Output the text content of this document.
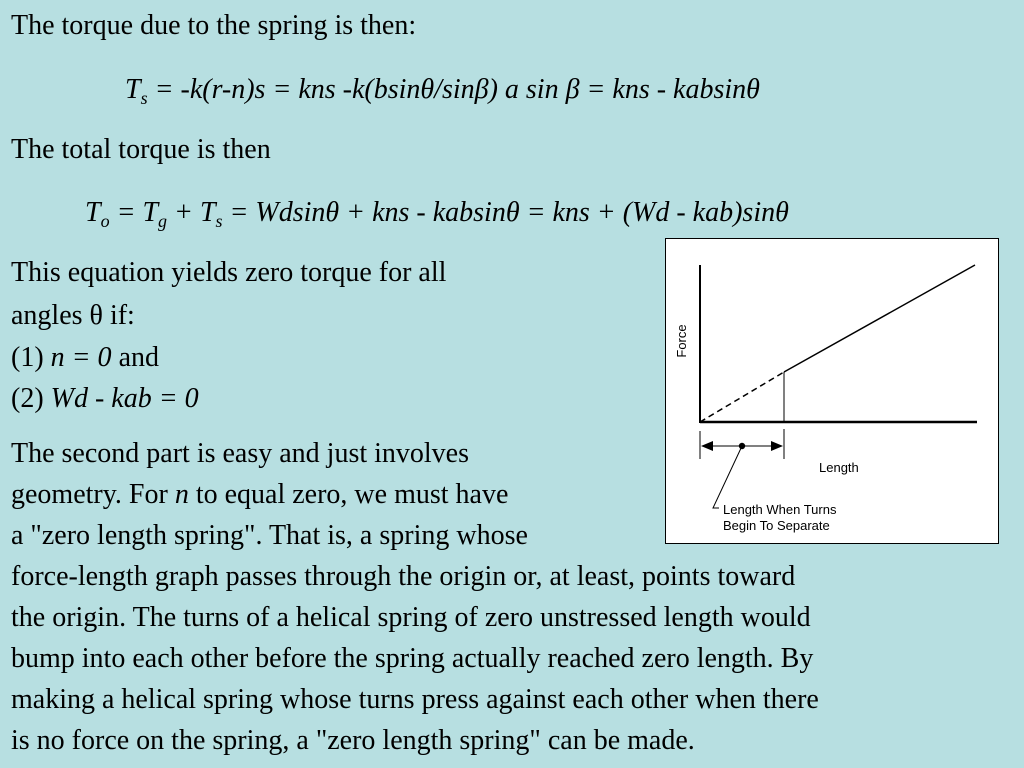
The torque due to the spring is then:
$T_s = -k(r-n)s$ = kns -k(bsinθ/sinβ) a sin β = kns - kabsinθ
The total torque is then
$T_o = T_g + T_s = Wdsin\theta$ + kns - kabsinθ = kns + (Wd - kab)sinθ
This equation yields zero torque for all
angles θ if:
(1) n = 0 and
(2) Wd - kab = 0
The second part is easy and just involves
geometry. For n to equal zero, we must have
a "zero length spring". That is, a spring whose
force-length graph passes through the origin or, at least, points toward
the origin. The turns of a helical spring of zero unstressed length would
bump into each other before the spring actually reached zero length. By
making a helical spring whose turns press against each other when there
is no force on the spring, a "zero length spring" can be made.
Force
Length
Length When Turns
Begin To Separate
